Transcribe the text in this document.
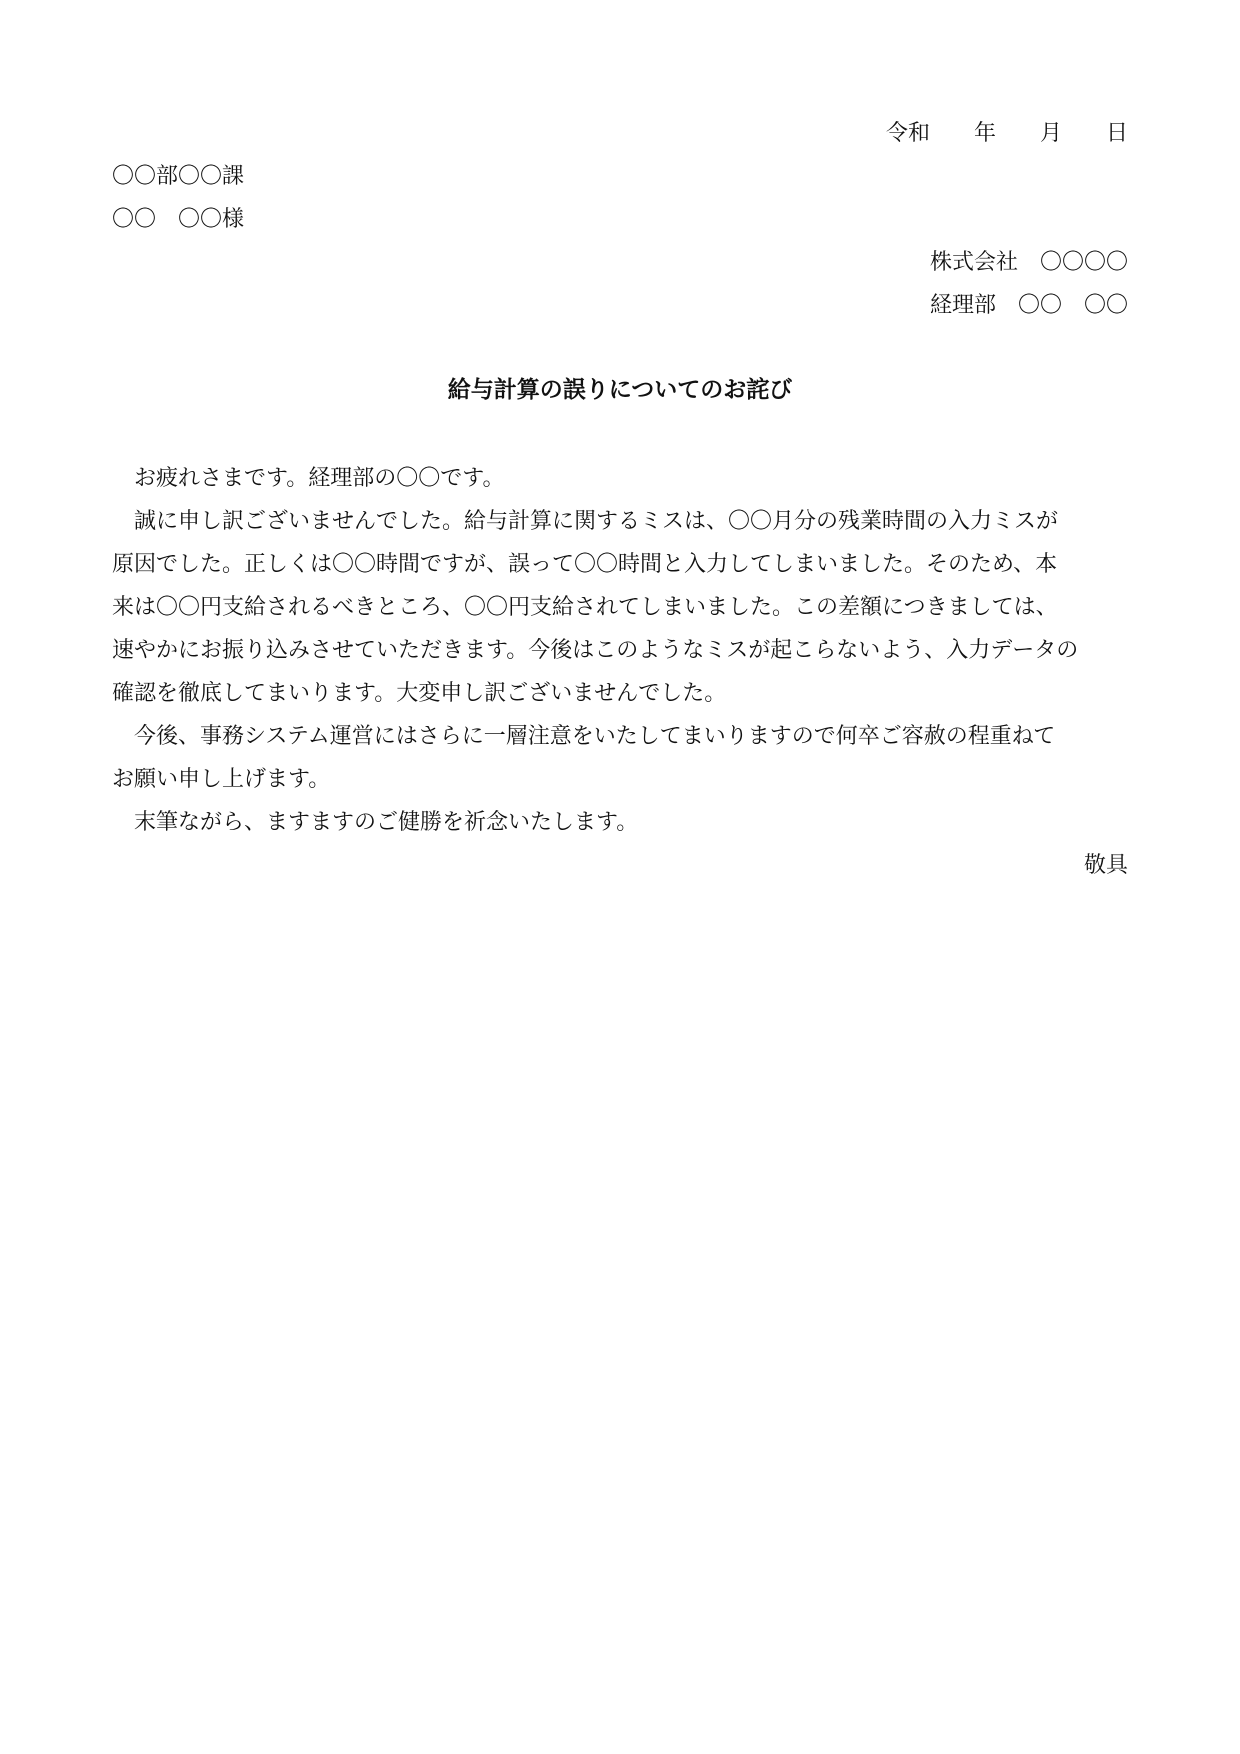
令和　　年　　月　　日
〇〇部〇〇課
〇〇　〇〇様
株式会社　〇〇〇〇
経理部　〇〇　〇〇
給与計算の誤りについてのお詫び
お疲れさまです。経理部の〇〇です。
誠に申し訳ございませんでした。給与計算に関するミスは、〇〇月分の残業時間の入力ミスが
原因でした。正しくは〇〇時間ですが、誤って〇〇時間と入力してしまいました。そのため、本
来は〇〇円支給されるべきところ、〇〇円支給されてしまいました。この差額につきましては、
速やかにお振り込みさせていただきます。今後はこのようなミスが起こらないよう、入力データの
確認を徹底してまいります。大変申し訳ございませんでした。
今後、事務システム運営にはさらに一層注意をいたしてまいりますので何卒ご容赦の程重ねて
お願い申し上げます。
末筆ながら、ますますのご健勝を祈念いたします。
敬具
